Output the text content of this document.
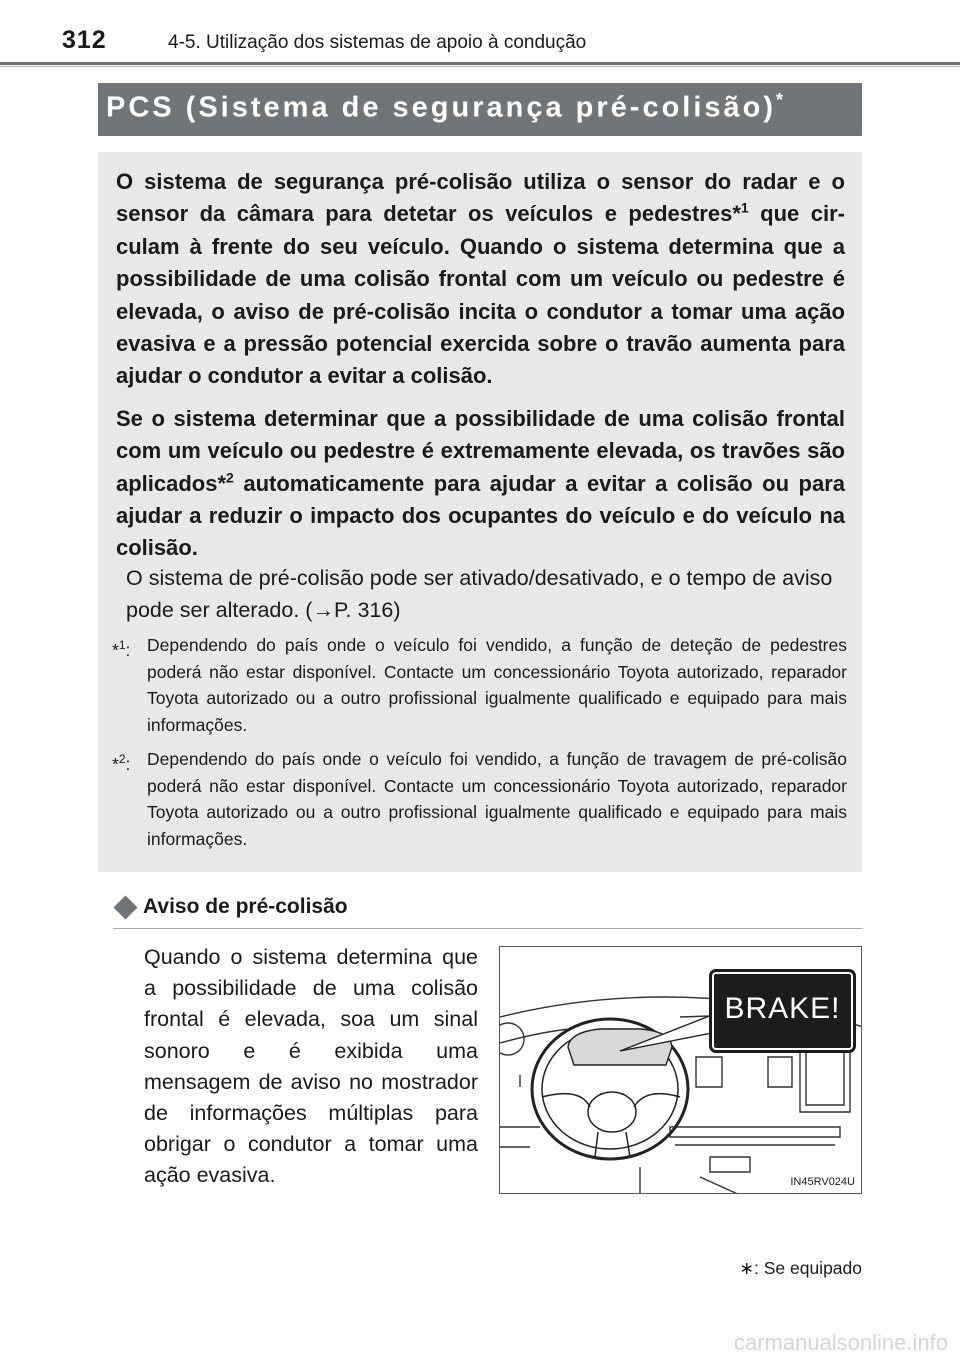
312	4-5. Utilização dos sistemas de apoio à condução
PCS (Sistema de segurança pré-colisão)*

O sistema de segurança pré-colisão utiliza o sensor do radar e o sensor da câmara para detetar os veículos e pedestres*$^1$ que circulam à frente do seu veículo. Quando o sistema determina que a possibilidade de uma colisão frontal com um veículo ou pedestre é elevada, o aviso de pré-colisão incita o condutor a tomar uma ação evasiva e a pressão potencial exercida sobre o travão aumenta para ajudar o condutor a evitar a colisão.

Se o sistema determinar que a possibilidade de uma colisão frontal com um veículo ou pedestre é extremamente elevada, os travões são aplicados*$^2$ automaticamente para ajudar a evitar a colisão ou para ajudar a reduzir o impacto dos ocupantes do veículo e do veículo na colisão.

O sistema de pré-colisão pode ser ativado/desativado, e o tempo de aviso pode ser alterado. (→P. 316)

*$^1$: Dependendo do país onde o veículo foi vendido, a função de deteção de pedestres poderá não estar disponível. Contacte um concessionário Toyota autorizado, reparador Toyota autorizado ou a outro profissional igualmente qualificado e equipado para mais informações.
*$^2$: Dependendo do país onde o veículo foi vendido, a função de travagem de pré-colisão poderá não estar disponível. Contacte um concessionário Toyota autorizado, reparador Toyota autorizado ou a outro profissional igualmente qualificado e equipado para mais informações.
Aviso de pré-colisão
Quando o sistema determina que a possibilidade de uma colisão frontal é elevada, soa um sinal sonoro e é exibida uma mensagem de aviso no mostrador de informações múltiplas para obrigar o condutor a tomar uma ação evasiva.
BRAKE!
IN45RV024U
∗: Se equipado
carmanualsonline.info
